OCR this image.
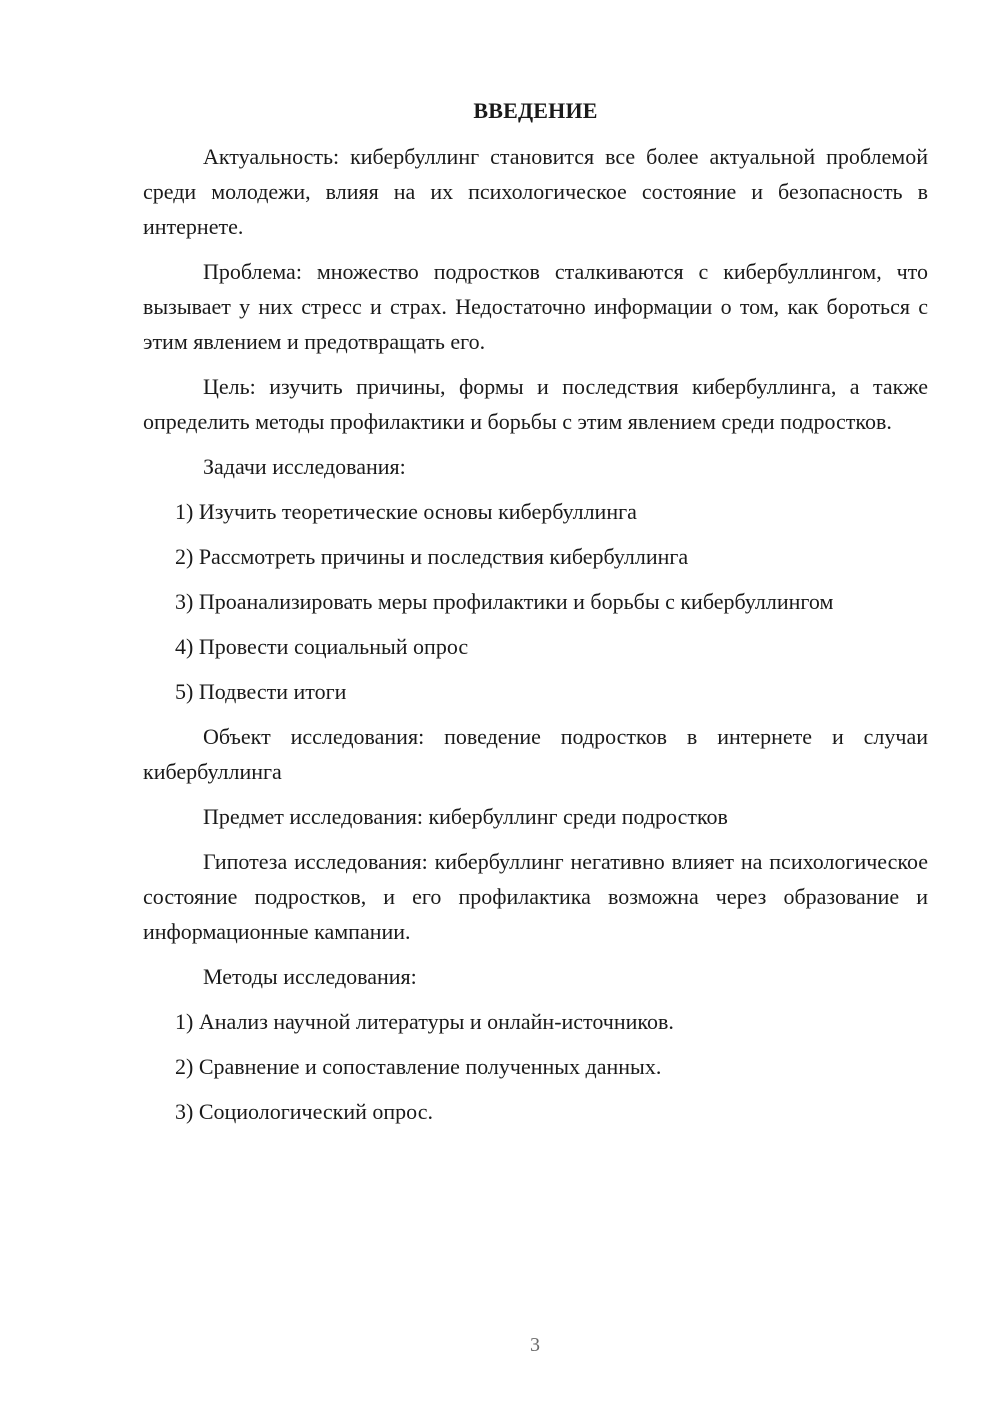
ВВЕДЕНИЕ

Актуальность: кибербуллинг становится все более актуальной проблемой среди молодежи, влияя на их психологическое состояние и безопасность в интернете.

Проблема: множество подростков сталкиваются с кибербуллингом, что вызывает у них стресс и страх. Недостаточно информации о том, как бороться с этим явлением и предотвращать его.

Цель: изучить причины, формы и последствия кибербуллинга, а также определить методы профилактики и борьбы с этим явлением среди подростков.

Задачи исследования:

1) Изучить теоретические основы кибербуллинга
2) Рассмотреть причины и последствия кибербуллинга
3) Проанализировать меры профилактики и борьбы с кибербуллингом
4) Провести социальный опрос
5) Подвести итоги

Объект исследования: поведение подростков в интернете и случаи кибербуллинга

Предмет исследования: кибербуллинг среди подростков

Гипотеза исследования: кибербуллинг негативно влияет на психологическое состояние подростков, и его профилактика возможна через образование и информационные кампании.

Методы исследования:

1) Анализ научной литературы и онлайн-источников.
2) Сравнение и сопоставление полученных данных.
3) Социологический опрос.
3
